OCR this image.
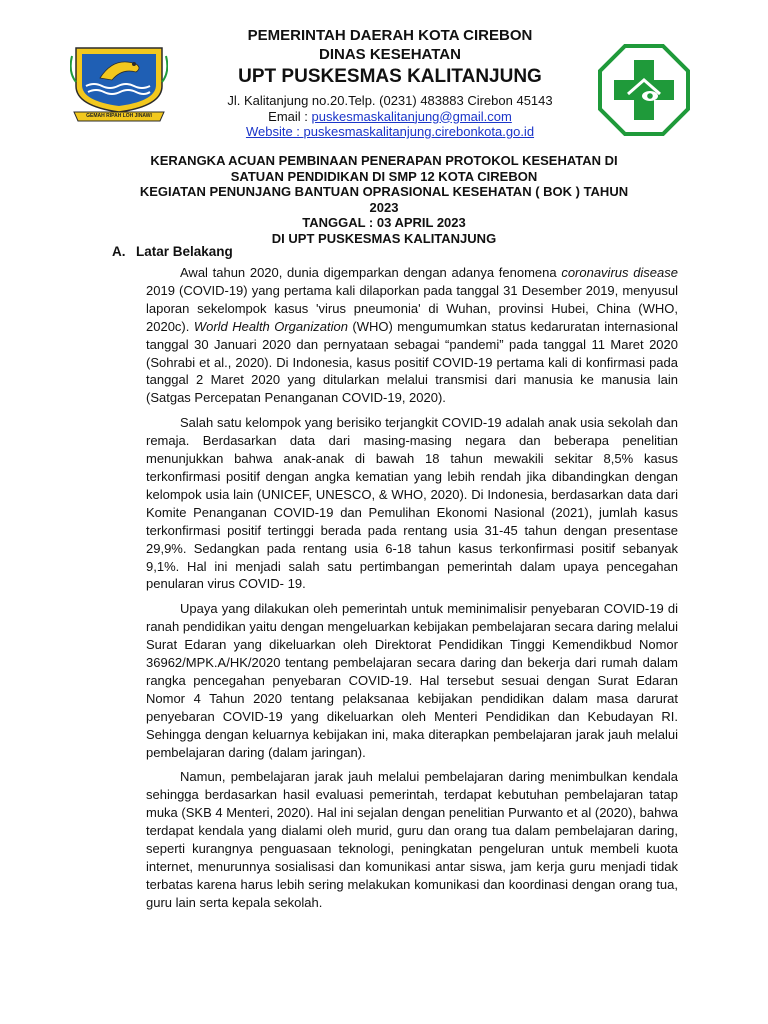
GEMAH RIPAH LOH JINAWI
PEMERINTAH DAERAH KOTA CIREBON
DINAS KESEHATAN
UPT PUSKESMAS KALITANJUNG
Jl. Kalitanjung no.20.Telp. (0231) 483883 Cirebon 45143
Email : puskesmaskalitanjung@gmail.com
Website : puskesmaskalitanjung.cirebonkota.go.id
KERANGKA ACUAN PEMBINAAN PENERAPAN PROTOKOL KESEHATAN DI
SATUAN PENDIDIKAN DI SMP 12 KOTA CIREBON
KEGIATAN PENUNJANG BANTUAN OPRASIONAL KESEHATAN ( BOK ) TAHUN
2023
TANGGAL : 03 APRIL 2023
DI UPT PUSKESMAS KALITANJUNG
A. Latar Belakang

Awal tahun 2020, dunia digemparkan dengan adanya fenomena coronavirus disease 2019 (COVID-19) yang pertama kali dilaporkan pada tanggal 31 Desember 2019, menyusul laporan sekelompok kasus 'virus pneumonia' di Wuhan, provinsi Hubei, China (WHO, 2020c). World Health Organization (WHO) mengumumkan status kedaruratan internasional tanggal 30 Januari 2020 dan pernyataan sebagai “pandemi” pada tanggal 11 Maret 2020 (Sohrabi et al., 2020). Di Indonesia, kasus positif COVID-19 pertama kali di konfirmasi pada tanggal 2 Maret 2020 yang ditularkan melalui transmisi dari manusia ke manusia lain (Satgas Percepatan Penanganan COVID-19, 2020).

Salah satu kelompok yang berisiko terjangkit COVID-19 adalah anak usia sekolah dan remaja. Berdasarkan data dari masing-masing negara dan beberapa penelitian menunjukkan bahwa anak-anak di bawah 18 tahun mewakili sekitar 8,5% kasus terkonfirmasi positif dengan angka kematian yang lebih rendah jika dibandingkan dengan kelompok usia lain (UNICEF, UNESCO, & WHO, 2020). Di Indonesia, berdasarkan data dari Komite Penanganan COVID-19 dan Pemulihan Ekonomi Nasional (2021), jumlah kasus terkonfirmasi positif tertinggi berada pada rentang usia 31-45 tahun dengan presentase 29,9%. Sedangkan pada rentang usia 6-18 tahun kasus terkonfirmasi positif sebanyak 9,1%. Hal ini menjadi salah satu pertimbangan pemerintah dalam upaya pencegahan penularan virus COVID- 19.

Upaya yang dilakukan oleh pemerintah untuk meminimalisir penyebaran COVID-19 di ranah pendidikan yaitu dengan mengeluarkan kebijakan pembelajaran secara daring melalui Surat Edaran yang dikeluarkan oleh Direktorat Pendidikan Tinggi Kemendikbud Nomor 36962/MPK.A/HK/2020 tentang pembelajaran secara daring dan bekerja dari rumah dalam rangka pencegahan penyebaran COVID-19. Hal tersebut sesuai dengan Surat Edaran Nomor 4 Tahun 2020 tentang pelaksanaa kebijakan pendidikan dalam masa darurat penyebaran COVID-19 yang dikeluarkan oleh Menteri Pendidikan dan Kebudayan RI. Sehingga dengan keluarnya kebijakan ini, maka diterapkan pembelajaran jarak jauh melalui pembelajaran daring (dalam jaringan).

Namun, pembelajaran jarak jauh melalui pembelajaran daring menimbulkan kendala sehingga berdasarkan hasil evaluasi pemerintah, terdapat kebutuhan pembelajaran tatap muka (SKB 4 Menteri, 2020). Hal ini sejalan dengan penelitian Purwanto et al (2020), bahwa terdapat kendala yang dialami oleh murid, guru dan orang tua dalam pembelajaran daring, seperti kurangnya penguasaan teknologi, peningkatan pengeluran untuk membeli kuota internet, menurunnya sosialisasi dan komunikasi antar siswa, jam kerja guru menjadi tidak terbatas karena harus lebih sering melakukan komunikasi dan koordinasi dengan orang tua, guru lain serta kepala sekolah.
